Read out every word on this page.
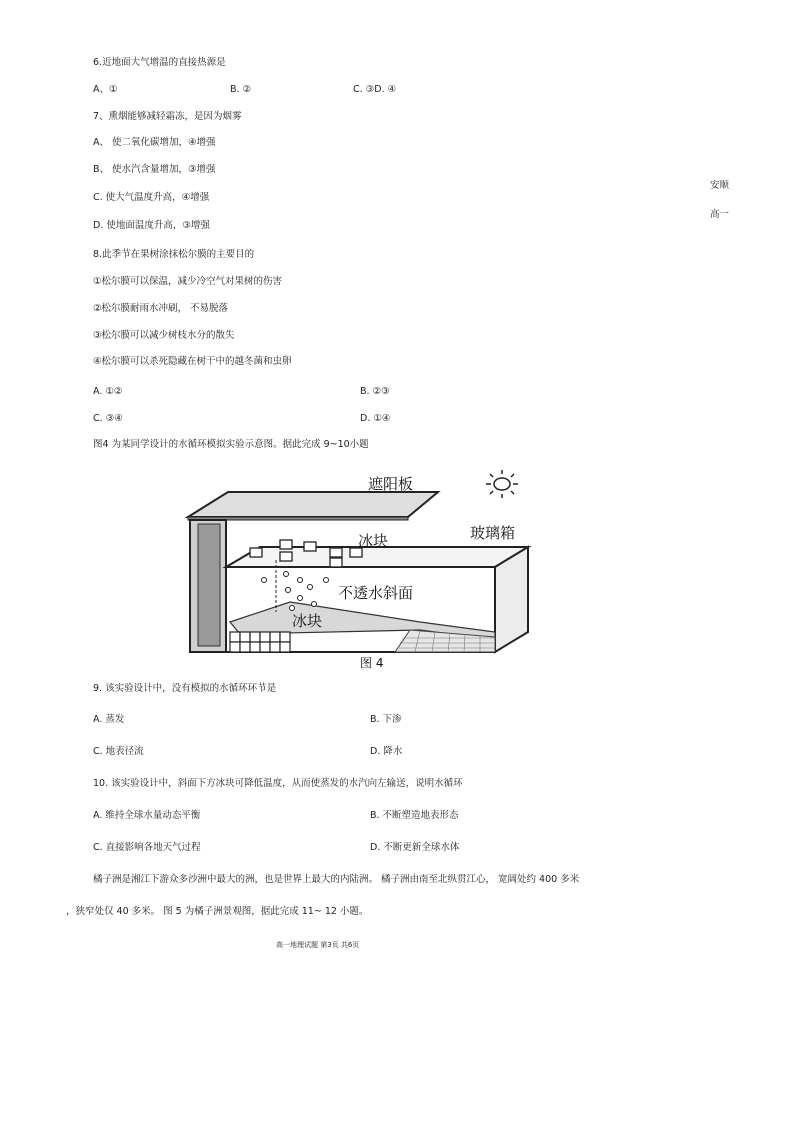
6.近地面大气增温的直接热源是
A、①	B. ②	C. ③D. ④
7、熏烟能够减轻霜冻，是因为烟雾
A、 使二氧化碳增加，④增强
B、 使水汽含量增加，③增强
C. 使大气温度升高，④增强
D. 使地面温度升高，③增强
安顺
高一
8.此季节在果树涂抹松尔膜的主要目的
①松尔膜可以保温，减少冷空气对果树的伤害
②松尔膜耐雨水冲刷， 不易脱落
③松尔膜可以减少树枝水分的散失
④松尔膜可以杀死隐藏在树干中的越冬菌和虫卵
A. ①②	B. ②③
C. ③④	D. ①④
图4 为某同学设计的水循环模拟实验示意图。据此完成 9~10小题
遮阳板
玻璃箱
冰块
不透水斜面
冰块
图 4
9. 该实验设计中，没有模拟的水循环环节是
A. 蒸发	B. 下渗
C. 地表径流	D. 降水
10. 该实验设计中，斜面下方冰块可降低温度，从而使蒸发的水汽向左输送，说明水循环
A. 维持全球水量动态平衡	B. 不断塑造地表形态
C. 直接影响各地天气过程	D. 不断更新全球水体
橘子洲是湘江下游众多沙洲中最大的洲，也是世界上最大的内陆洲。 橘子洲由南至北纵贯江心， 宽阔处约 400 多米
，狭窄处仅 40 多米。 图 5 为橘子洲景观图，据此完成 11~ 12 小题。
高一地理试题 第3页 共6页
